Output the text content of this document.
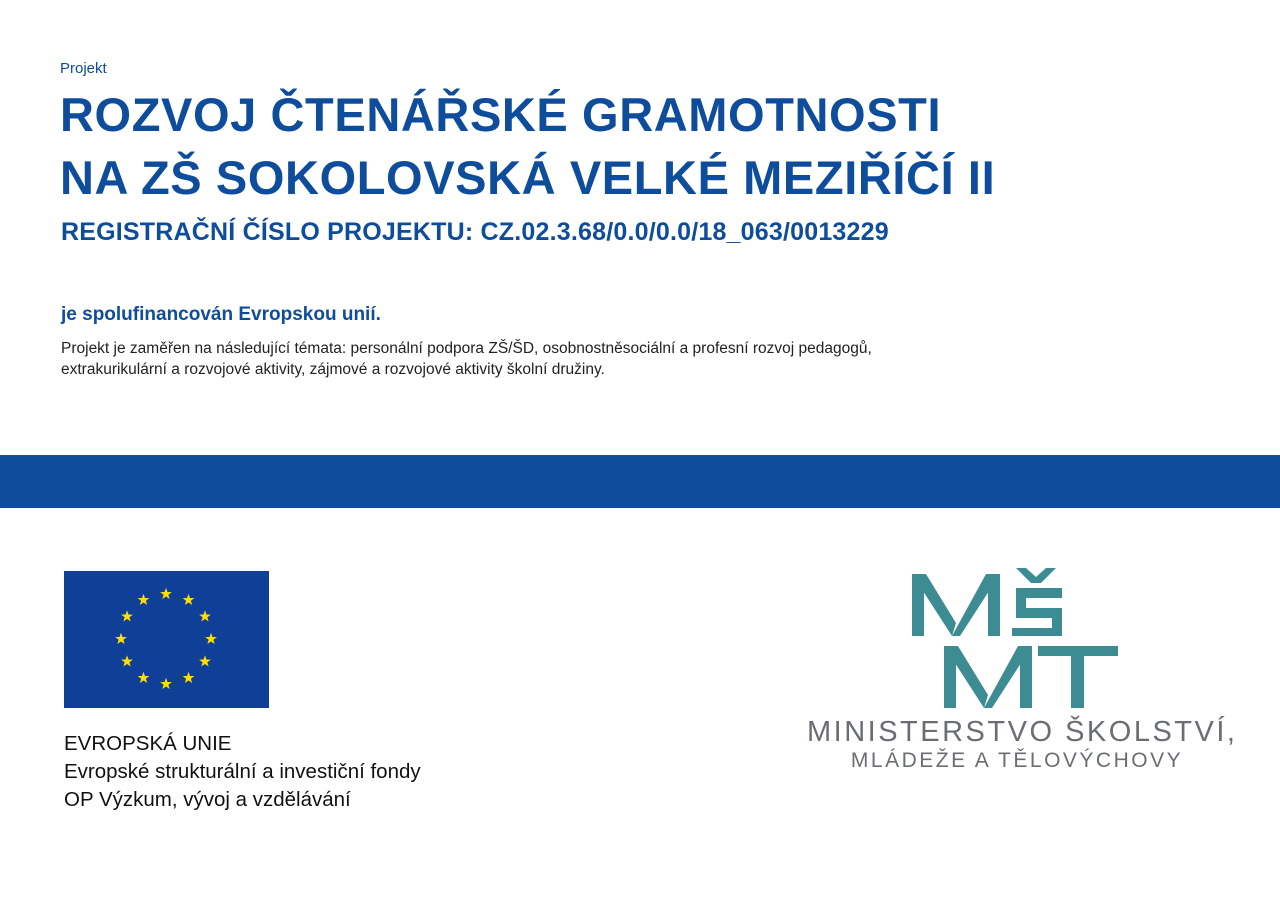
Projekt
ROZVOJ ČTENÁŘSKÉ GRAMOTNOSTI
NA ZŠ SOKOLOVSKÁ VELKÉ MEZIŘÍČÍ II
REGISTRAČNÍ ČÍSLO PROJEKTU: CZ.02.3.68/0.0/0.0/18_063/0013229
je spolufinancován Evropskou unií.
Projekt je zaměřen na následující témata: personální podpora ZŠ/ŠD, osobnostněsociální a profesní rozvoj pedagogů,
extrakurikulární a rozvojové aktivity, zájmové a rozvojové aktivity školní družiny.
EVROPSKÁ UNIE
Evropské strukturální a investiční fondy
OP Výzkum, vývoj a vzdělávání
MINISTERSTVO ŠKOLSTVÍ,
MLÁDEŽE A TĚLOVÝCHOVY
